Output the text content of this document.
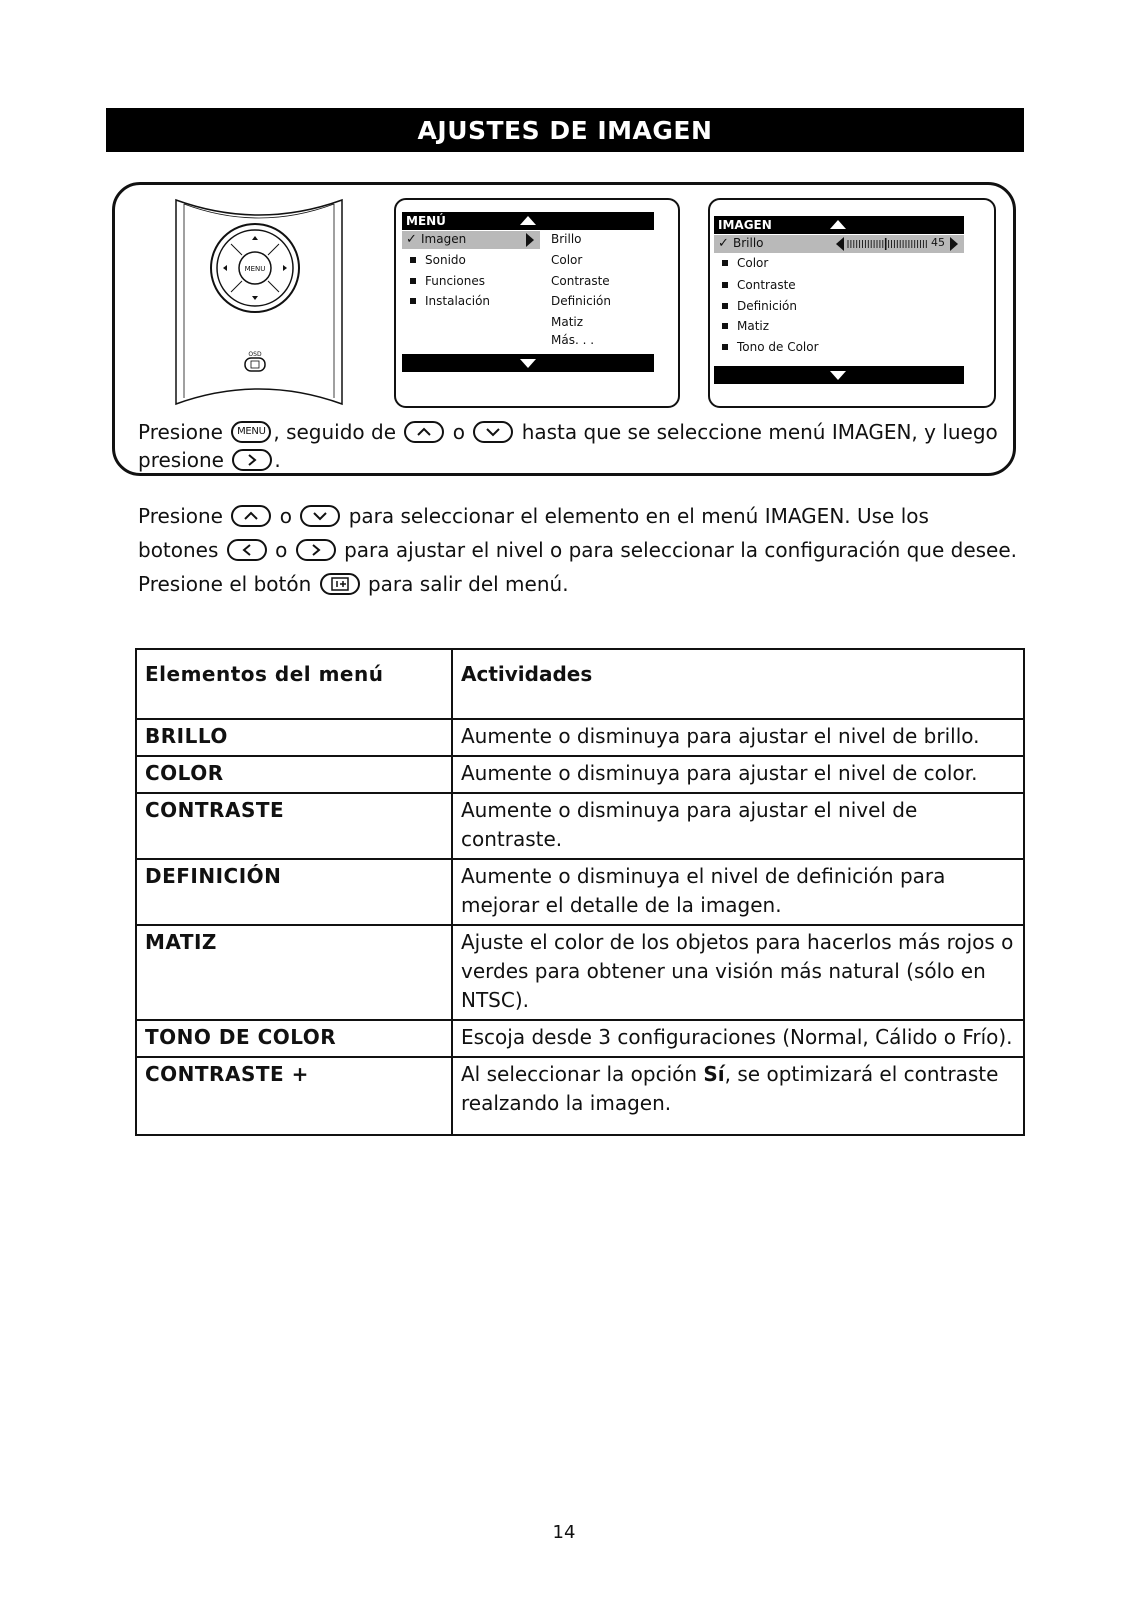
AJUSTES DE IMAGEN
MENU
OSD
MENÚ
✓ Imagen
Sonido
Funciones
Instalación
Brillo
Color
Contraste
Definición
Matiz
Más. . .
IMAGEN
✓ Brillo	45
Color
Contraste
Definición
Matiz
Tono de Color
Presione MENU , seguido de	o	hasta que se seleccione menú IMAGEN, y luego
presione	.
Presione	o	para seleccionar el elemento en el menú IMAGEN. Use los
botones	o	para ajustar el nivel o para seleccionar la configuración que desee.
Presione el botón	para salir del menú.
Elementos del menú	Actividades
BRILLO	Aumente o disminuya para ajustar el nivel de brillo.
COLOR	Aumente o disminuya para ajustar el nivel de color.
CONTRASTE	Aumente o disminuya para ajustar el nivel de contraste.
DEFINICIÓN	Aumente o disminuya el nivel de definición para mejorar el detalle de la imagen.
MATIZ	Ajuste el color de los objetos para hacerlos más rojos o verdes para obtener una visión más natural (sólo en NTSC).
TONO DE COLOR	Escoja desde 3 configuraciones (Normal, Cálido o Frío).
CONTRASTE +	Al seleccionar la opción Sí, se optimizará el contraste realzando la imagen.
14
